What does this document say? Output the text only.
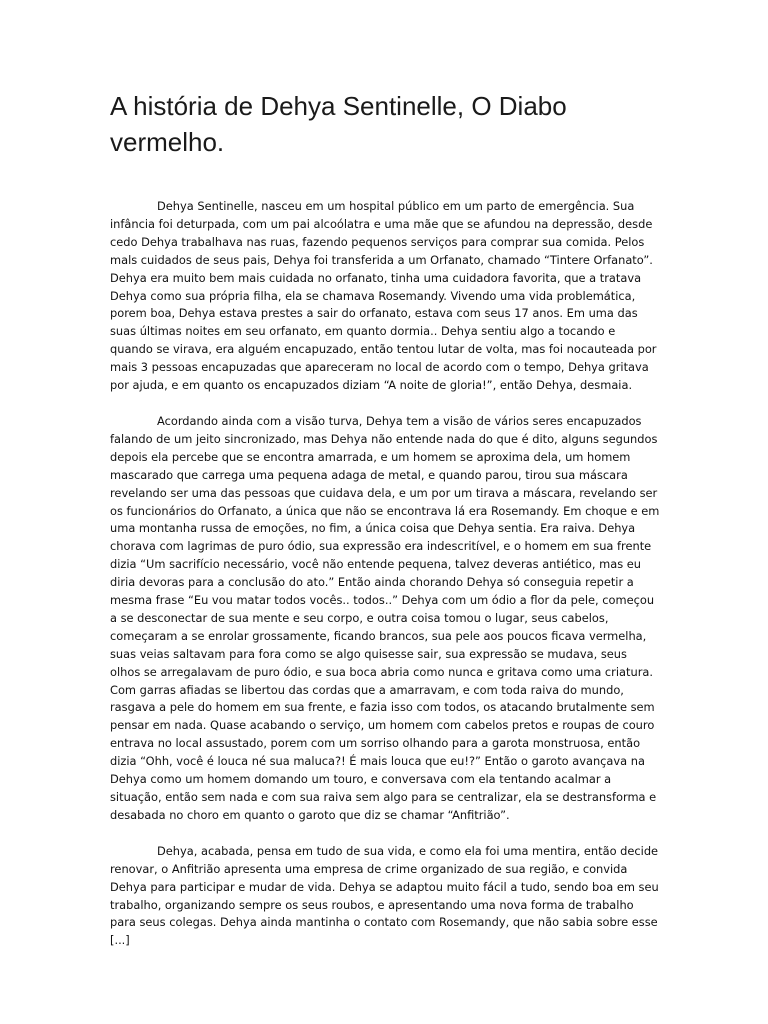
A história de Dehya Sentinelle, O Diabo vermelho.

Dehya Sentinelle, nasceu em um hospital público em um parto de emergência. Sua infância foi deturpada, com um pai alcoólatra e uma mãe que se afundou na depressão, desde cedo Dehya trabalhava nas ruas, fazendo pequenos serviços para comprar sua comida. Pelos mals cuidados de seus pais, Dehya foi transferida a um Orfanato, chamado “Tintere Orfanato”. Dehya era muito bem mais cuidada no orfanato, tinha uma cuidadora favorita, que a tratava Dehya como sua própria filha, ela se chamava Rosemandy. Vivendo uma vida problemática, porem boa, Dehya estava prestes a sair do orfanato, estava com seus 17 anos. Em uma das suas últimas noites em seu orfanato, em quanto dormia.. Dehya sentiu algo a tocando e quando se virava, era alguém encapuzado, então tentou lutar de volta, mas foi nocauteada por mais 3 pessoas encapuzadas que apareceram no local de acordo com o tempo, Dehya gritava por ajuda, e em quanto os encapuzados diziam “A noite de gloria!”, então Dehya, desmaia.

Acordando ainda com a visão turva, Dehya tem a visão de vários seres encapuzados falando de um jeito sincronizado, mas Dehya não entende nada do que é dito, alguns segundos depois ela percebe que se encontra amarrada, e um homem se aproxima dela, um homem mascarado que carrega uma pequena adaga de metal, e quando parou, tirou sua máscara revelando ser uma das pessoas que cuidava dela, e um por um tirava a máscara, revelando ser os funcionários do Orfanato, a única que não se encontrava lá era Rosemandy. Em choque e em uma montanha russa de emoções, no fim, a única coisa que Dehya sentia. Era raiva. Dehya chorava com lagrimas de puro ódio, sua expressão era indescritível, e o homem em sua frente dizia “Um sacrifício necessário, você não entende pequena, talvez deveras antiético, mas eu diria devoras para a conclusão do ato.” Então ainda chorando Dehya só conseguia repetir a mesma frase “Eu vou matar todos vocês.. todos..” Dehya com um ódio a flor da pele, começou a se desconectar de sua mente e seu corpo, e outra coisa tomou o lugar, seus cabelos, começaram a se enrolar grossamente, ficando brancos, sua pele aos poucos ficava vermelha, suas veias saltavam para fora como se algo quisesse sair, sua expressão se mudava, seus olhos se arregalavam de puro ódio, e sua boca abria como nunca e gritava como uma criatura. Com garras afiadas se libertou das cordas que a amarravam, e com toda raiva do mundo, rasgava a pele do homem em sua frente, e fazia isso com todos, os atacando brutalmente sem pensar em nada. Quase acabando o serviço, um homem com cabelos pretos e roupas de couro entrava no local assustado, porem com um sorriso olhando para a garota monstruosa, então dizia “Ohh, você é louca né sua maluca?! É mais louca que eu!?” Então o garoto avançava na Dehya como um homem domando um touro, e conversava com ela tentando acalmar a situação, então sem nada e com sua raiva sem algo para se centralizar, ela se destransforma e desabada no choro em quanto o garoto que diz se chamar “Anfitrião”.

Dehya, acabada, pensa em tudo de sua vida, e como ela foi uma mentira, então decide renovar, o Anfitrião apresenta uma empresa de crime organizado de sua região, e convida Dehya para participar e mudar de vida. Dehya se adaptou muito fácil a tudo, sendo boa em seu trabalho, organizando sempre os seus roubos, e apresentando uma nova forma de trabalho para seus colegas. Dehya ainda mantinha o contato com Rosemandy, que não sabia sobre esse [...]
